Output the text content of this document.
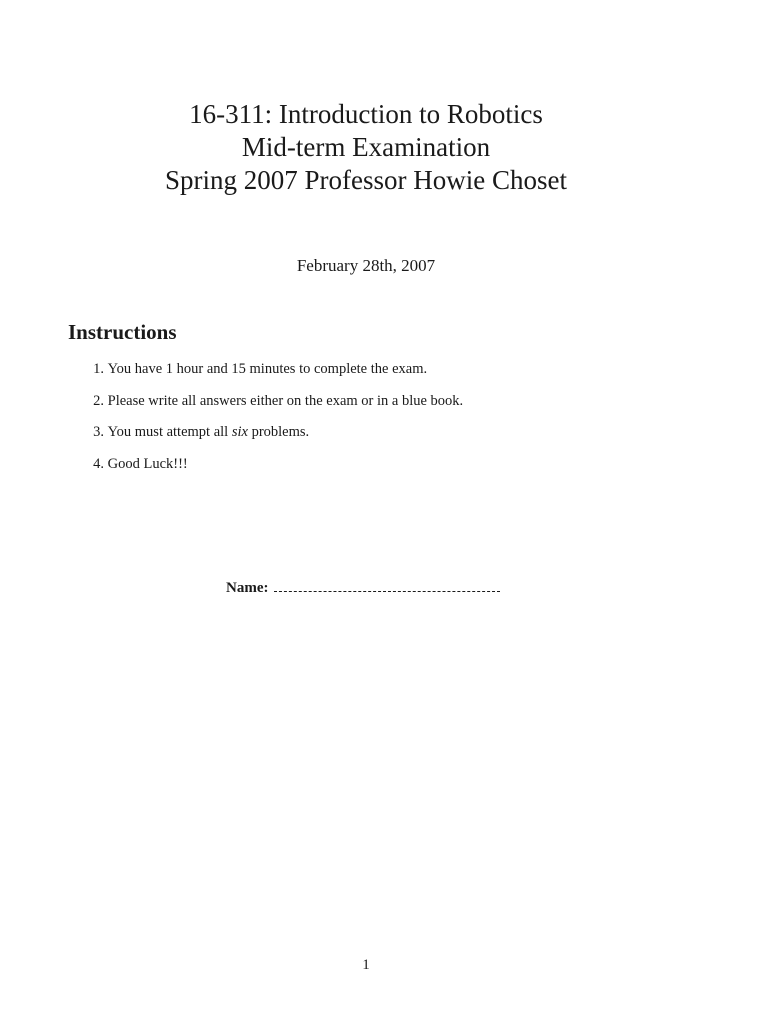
16-311: Introduction to Robotics
Mid-term Examination
Spring 2007 Professor Howie Choset
February 28th, 2007
Instructions
1. You have 1 hour and 15 minutes to complete the exam.
2. Please write all answers either on the exam or in a blue book.
3. You must attempt all six problems.
4. Good Luck!!!
Name:
1
